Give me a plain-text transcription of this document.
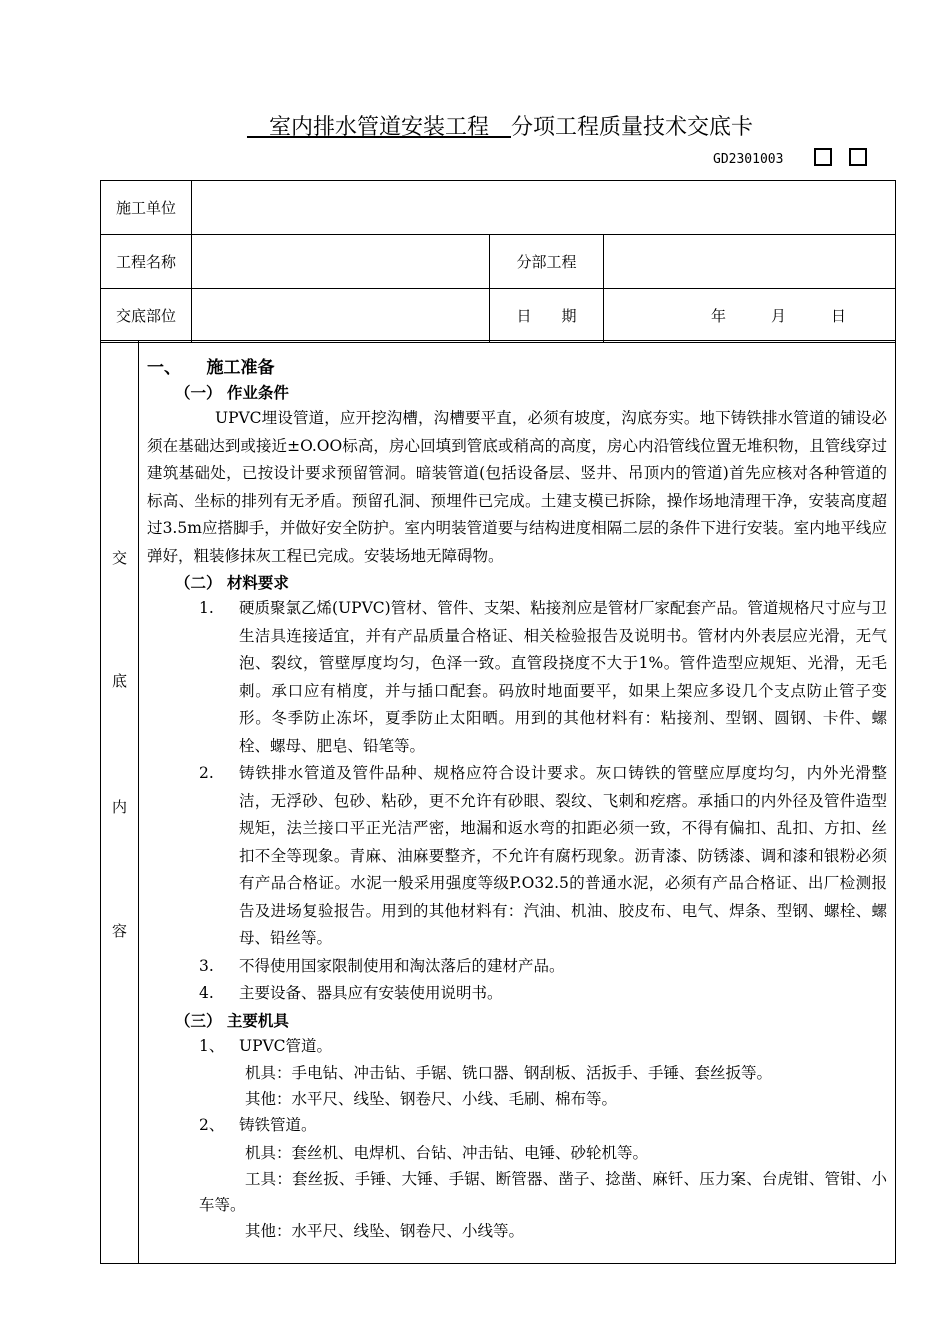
　室内排水管道安装工程　分项工程质量技术交底卡
GD2301003
施工单位			
工程名称		分部工程	
交底部位		日　　期	年　　　月　　　日
交
底
内
容
一、　　施工准备
（一） 作业条件
UPVC埋设管道，应开挖沟槽，沟槽要平直，必须有坡度，沟底夯实。地下铸铁排水管道的铺设必须在基础达到或接近±O.OO标高，房心回填到管底或稍高的高度，房心内沿管线位置无堆积物，且管线穿过建筑基础处，已按设计要求预留管洞。暗装管道(包括设备层、竖井、吊顶内的管道)首先应核对各种管道的标高、坐标的排列有无矛盾。预留孔洞、预埋件已完成。土建支模已拆除，操作场地清理干净，安装高度超过3.5m应搭脚手，并做好安全防护。室内明装管道要与结构进度相隔二层的条件下进行安装。室内地平线应弹好，粗装修抹灰工程已完成。安装场地无障碍物。
（二） 材料要求
1.	硬质聚氯乙烯(UPVC)管材、管件、支架、粘接剂应是管材厂家配套产品。管道规格尺寸应与卫生洁具连接适宜，并有产品质量合格证、相关检验报告及说明书。管材内外表层应光滑，无气泡、裂纹，管壁厚度均匀，色泽一致。直管段挠度不大于1%。管件造型应规矩、光滑，无毛刺。承口应有梢度，并与插口配套。码放时地面要平，如果上架应多设几个支点防止管子变形。冬季防止冻坏，夏季防止太阳晒。用到的其他材料有：粘接剂、型钢、圆钢、卡件、螺栓、螺母、肥皂、铅笔等。
2.	铸铁排水管道及管件品种、规格应符合设计要求。灰口铸铁的管壁应厚度均匀，内外光滑整洁，无浮砂、包砂、粘砂，更不允许有砂眼、裂纹、飞刺和疙瘩。承插口的内外径及管件造型规矩，法兰接口平正光洁严密，地漏和返水弯的扣距必须一致，不得有偏扣、乱扣、方扣、丝扣不全等现象。青麻、油麻要整齐，不允许有腐朽现象。沥青漆、防锈漆、调和漆和银粉必须有产品合格证。水泥一般采用强度等级P.O32.5的普通水泥，必须有产品合格证、出厂检测报告及进场复验报告。用到的其他材料有：汽油、机油、胶皮布、电气、焊条、型钢、螺栓、螺母、铅丝等。
3.	不得使用国家限制使用和淘汰落后的建材产品。
4.	主要设备、器具应有安装使用说明书。
（三） 主要机具
1、 UPVC管道。
机具：手电钻、冲击钻、手锯、铣口器、钢刮板、活扳手、手锤、套丝扳等。
其他：水平尺、线坠、钢卷尺、小线、毛刷、棉布等。
2、 铸铁管道。
机具：套丝机、电焊机、台钻、冲击钻、电锤、砂轮机等。
工具：套丝扳、手锤、大锤、手锯、断管器、凿子、捻凿、麻钎、压力案、台虎钳、管钳、小车等。
其他：水平尺、线坠、钢卷尺、小线等。
